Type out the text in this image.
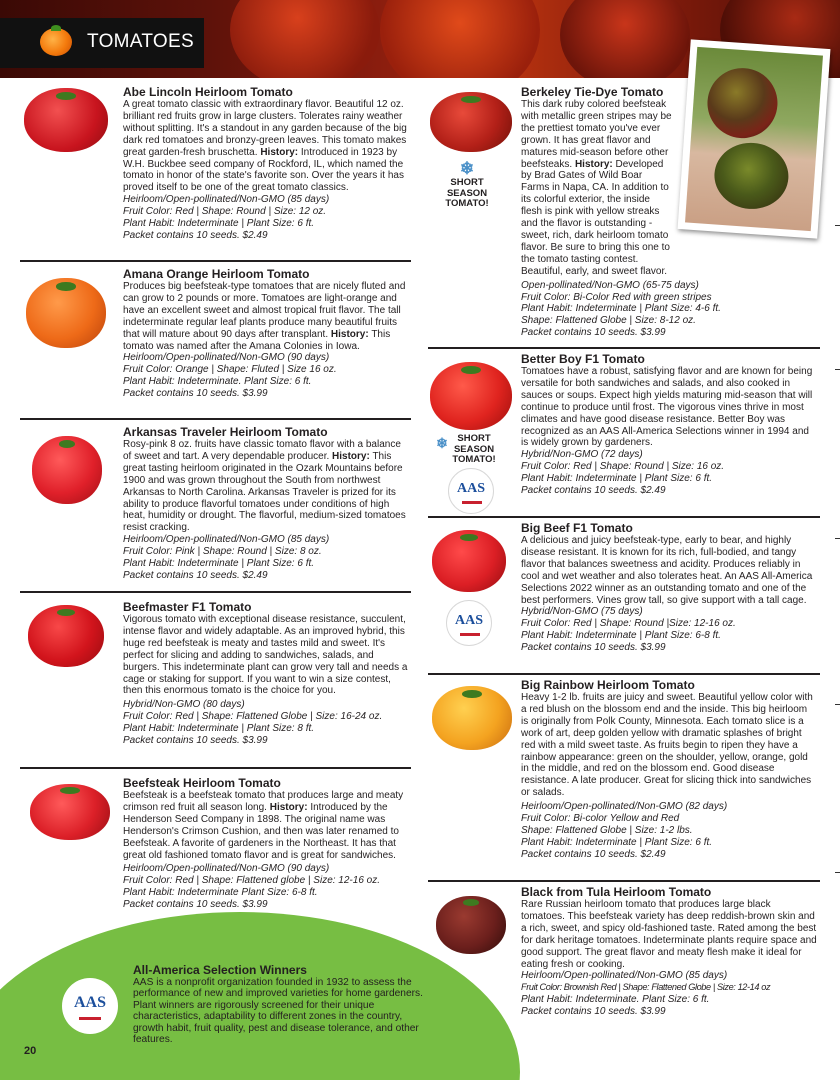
TOMATOES
Abe Lincoln Heirloom Tomato
A great tomato classic with extraordinary flavor. Beautiful 12 oz. brilliant red fruits grow in large clusters. Tolerates rainy weather without splitting. It's a standout in any garden because of the big dark red tomatoes and bronzy-green leaves. This tomato makes great garden-fresh bruschetta. History: Introduced in 1923 by W.H. Buckbee seed company of Rockford, IL, which named the tomato in honor of the state's favorite son. Over the years it has proved itself to be one of the great tomato classics.
Heirloom/Open-pollinated/Non-GMO (85 days)
Fruit Color: Red | Shape: Round | Size: 12 oz.
Plant Habit: Indeterminate | Plant Size: 6 ft.
Packet contains 10 seeds. $2.49
Amana Orange Heirloom Tomato
Produces big beefsteak-type tomatoes that are nicely fluted and can grow to 2 pounds or more. Tomatoes are light-orange and have an excellent sweet and almost tropical fruit flavor. The tall indeterminate regular leaf plants produce many beautiful fruits that will mature about 90 days after transplant. History: This tomato was named after the Amana Colonies in Iowa.
Heirloom/Open-pollinated/Non-GMO (90 days)
Fruit Color: Orange | Shape: Fluted | Size 16 oz.
Plant Habit: Indeterminate. Plant Size: 6 ft.
Packet contains 10 seeds. $3.99
Arkansas Traveler Heirloom Tomato
Rosy-pink 8 oz. fruits have classic tomato flavor with a balance of sweet and tart. A very dependable producer. History: This great tasting heirloom originated in the Ozark Mountains before 1900 and was grown throughout the South from northwest Arkansas to North Carolina. Arkansas Traveler is prized for its ability to produce flavorful tomatoes under conditions of high heat, humidity or drought. The flavorful, medium-sized tomatoes resist cracking.
Heirloom/Open-pollinated/Non-GMO (85 days)
Fruit Color: Pink | Shape: Round | Size: 8 oz.
Plant Habit: Indeterminate | Plant Size: 6 ft.
Packet contains 10 seeds. $2.49
Beefmaster F1 Tomato
Vigorous tomato with exceptional disease resistance, succulent, intense flavor and widely adaptable. As an improved hybrid, this huge red beefsteak is meaty and tastes mild and sweet. It's perfect for slicing and adding to sandwiches, salads, and burgers. This indeterminate plant can grow very tall and needs a cage or staking for support. If you want to win a size contest, then this enormous tomato is the choice for you.
Hybrid/Non-GMO (80 days)
Fruit Color: Red | Shape: Flattened Globe | Size: 16-24 oz.
Plant Habit: Indeterminate | Plant Size: 8 ft.
Packet contains 10 seeds. $3.99
Beefsteak Heirloom Tomato
Beefsteak is a beefsteak tomato that produces large and meaty crimson red fruit all season long. History: Introduced by the Henderson Seed Company in 1898. The original name was Henderson's Crimson Cushion, and then was later renamed to Beefsteak. A favorite of gardeners in the Northeast. It has that great old fashioned tomato flavor and is great for sandwiches.
Heirloom/Open-pollinated/Non-GMO (90 days)
Fruit Color: Red | Shape: Flattened globe | Size: 12-16 oz.
Plant Habit: Indeterminate Plant Size: 6-8 ft.
Packet contains 10 seeds. $3.99
AAS
All-America Selection Winners
AAS is a nonprofit organization founded in 1932 to assess the performance of new and improved varieties for home gardeners. Plant winners are rigorously screened for their unique characteristics, adaptability to different zones in the country, growth habit, fruit quality, pest and disease tolerance, and other features.
20
❄
SHORT SEASON TOMATO!
Berkeley Tie-Dye Tomato
This dark ruby colored beefsteak with metallic green stripes may be the prettiest tomato you've ever grown. It has great flavor and matures mid-season before other beefsteaks. History: Developed by Brad Gates of Wild Boar Farms in Napa, CA. In addition to its colorful exterior, the inside flesh is pink with yellow streaks and the flavor is outstanding - sweet, rich, dark heirloom tomato flavor. Be sure to bring this one to the tomato tasting contest. Beautiful, early, and sweet flavor.
Open-pollinated/Non-GMO (65-75 days)
Fruit Color: Bi-Color Red with green stripes
Plant Habit: Indeterminate | Plant Size: 4-6 ft.
Shape: Flattened Globe | Size: 8-12 oz.
Packet contains 10 seeds. $3.99
❄ SHORT SEASON TOMATO!
AAS
Better Boy F1 Tomato
Tomatoes have a robust, satisfying flavor and are known for being versatile for both sandwiches and salads, and also cooked in sauces or soups. Expect high yields maturing mid-season that will continue to produce until frost. The vigorous vines thrive in most climates and have good disease resistance. Better Boy was recognized as an AAS All-America Selections winner in 1994 and is widely grown by gardeners.
Hybrid/Non-GMO (72 days)
Fruit Color: Red | Shape: Round | Size: 16 oz.
Plant Habit: Indeterminate | Plant Size: 6 ft.
Packet contains 10 seeds. $2.49
AAS
Big Beef F1 Tomato
A delicious and juicy beefsteak-type, early to bear, and highly disease resistant. It is known for its rich, full-bodied, and tangy flavor that balances sweetness and acidity. Produces reliably in cool and wet weather and also tolerates heat. An AAS All-America Selections 2022 winner as an outstanding tomato and one of the best performers. Vines grow tall, so give support with a tall cage.
Hybrid/Non-GMO (75 days)
Fruit Color: Red | Shape: Round |Size: 12-16 oz.
Plant Habit: Indeterminate | Plant Size: 6-8 ft.
Packet contains 10 seeds. $3.99
Big Rainbow Heirloom Tomato
Heavy 1-2 lb. fruits are juicy and sweet. Beautiful yellow color with a red blush on the blossom end and the inside. This big heirloom is originally from Polk County, Minnesota. Each tomato slice is a work of art, deep golden yellow with dramatic splashes of bright red with a mild sweet taste. As fruits begin to ripen they have a rainbow appearance: green on the shoulder, yellow, orange, gold in the middle, and red on the blossom end. Good disease resistance. A late producer. Great for slicing thick into sandwiches or salads.
Heirloom/Open-pollinated/Non-GMO (82 days)
Fruit Color: Bi-color Yellow and Red
Shape: Flattened Globe | Size: 1-2 lbs.
Plant Habit: Indeterminate | Plant Size: 6 ft.
Packet contains 10 seeds. $2.49
Black from Tula Heirloom Tomato
Rare Russian heirloom tomato that produces large black tomatoes. This beefsteak variety has deep reddish-brown skin and a rich, sweet, and spicy old-fashioned taste. Rated among the best for dark heritage tomatoes. Indeterminate plants require space and good support. The great flavor and meaty flesh make it ideal for eating fresh or cooking.
Heirloom/Open-pollinated/Non-GMO (85 days)
Fruit Color: Brownish Red | Shape: Flattened Globe | Size: 12-14 oz
Plant Habit: Indeterminate. Plant Size: 6 ft.
Packet contains 10 seeds. $3.99
